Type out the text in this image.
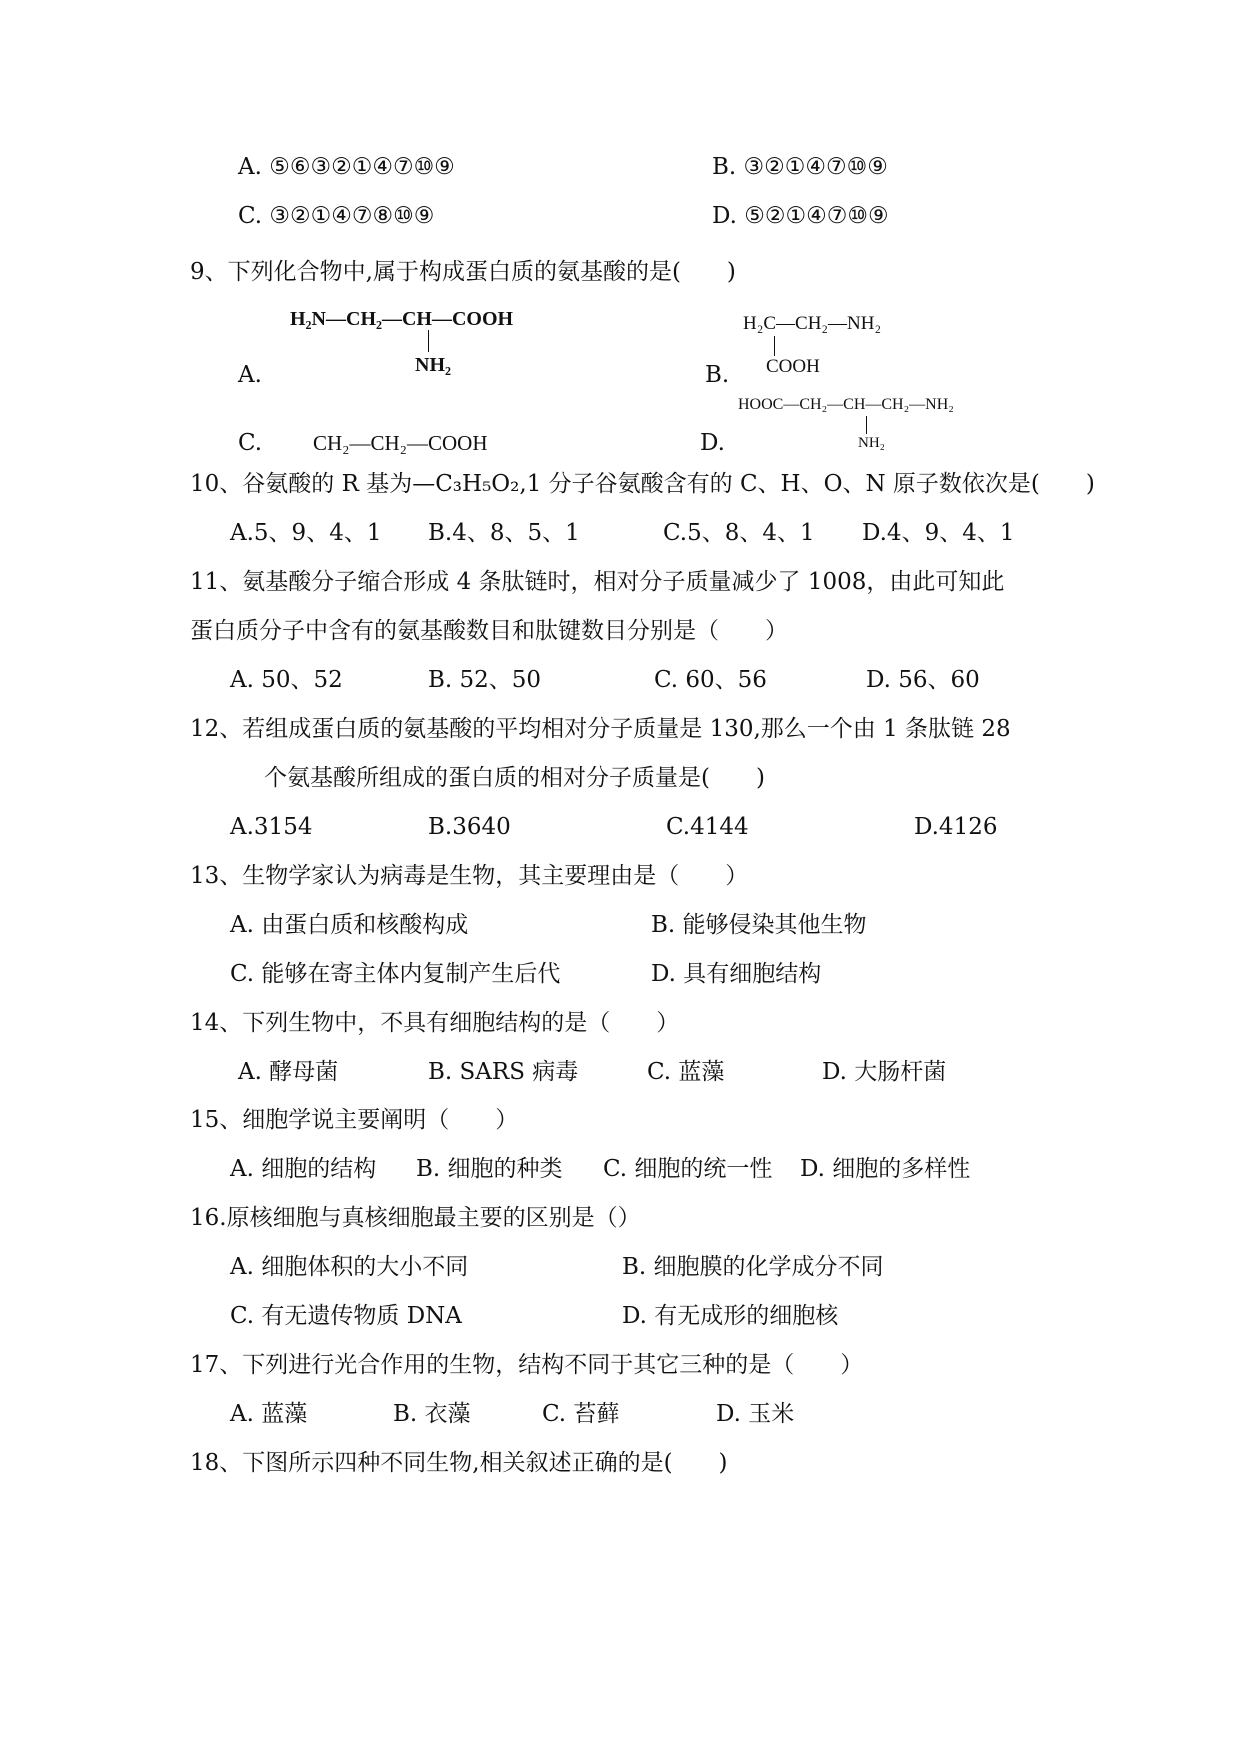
A. ⑤⑥③②①④⑦⑩⑨	B. ③②①④⑦⑩⑨
C. ③②①④⑦⑧⑩⑨	D. ⑤②①④⑦⑩⑨
9、下列化合物中,属于构成蛋白质的氨基酸的是(　　)
A.
H₂N—CH₂—CH—COOH
NH₂	B.
H₂C—CH₂—NH₂
COOH
C. CH₂—CH₂—COOH	D.
HOOC—CH₂—CH—CH₂—NH₂
NH₂
10、谷氨酸的 R 基为—C₃H₅O₂,1 分子谷氨酸含有的 C、H、O、N 原子数依次是(　　)
A.5、9、4、1 B.4、8、5、1	C.5、8、4、1 D.4、9、4、1
11、氨基酸分子缩合形成 4 条肽链时，相对分子质量减少了 1008，由此可知此
蛋白质分子中含有的氨基酸数目和肽键数目分别是（　　）
A. 50、52	B. 52、50	C. 60、56	D. 56、60
12、若组成蛋白质的氨基酸的平均相对分子质量是 130,那么一个由 1 条肽链 28
个氨基酸所组成的蛋白质的相对分子质量是(　　)
A.3154	B.3640	C.4144	D.4126
13、生物学家认为病毒是生物，其主要理由是（　　）
A. 由蛋白质和核酸构成	B. 能够侵染其他生物
C. 能够在寄主体内复制产生后代	D. 具有细胞结构
14、下列生物中，不具有细胞结构的是（　　）
A. 酵母菌	B. SARS 病毒	C. 蓝藻	D. 大肠杆菌
15、细胞学说主要阐明（　　）
A. 细胞的结构 B. 细胞的种类 C. 细胞的统一性 D. 细胞的多样性
16.原核细胞与真核细胞最主要的区别是（）
A. 细胞体积的大小不同	B. 细胞膜的化学成分不同
C. 有无遗传物质 DNA	D. 有无成形的细胞核
17、下列进行光合作用的生物，结构不同于其它三种的是（　　）
A. 蓝藻	B. 衣藻	C. 苔藓	D. 玉米
18、下图所示四种不同生物,相关叙述正确的是(　　)
